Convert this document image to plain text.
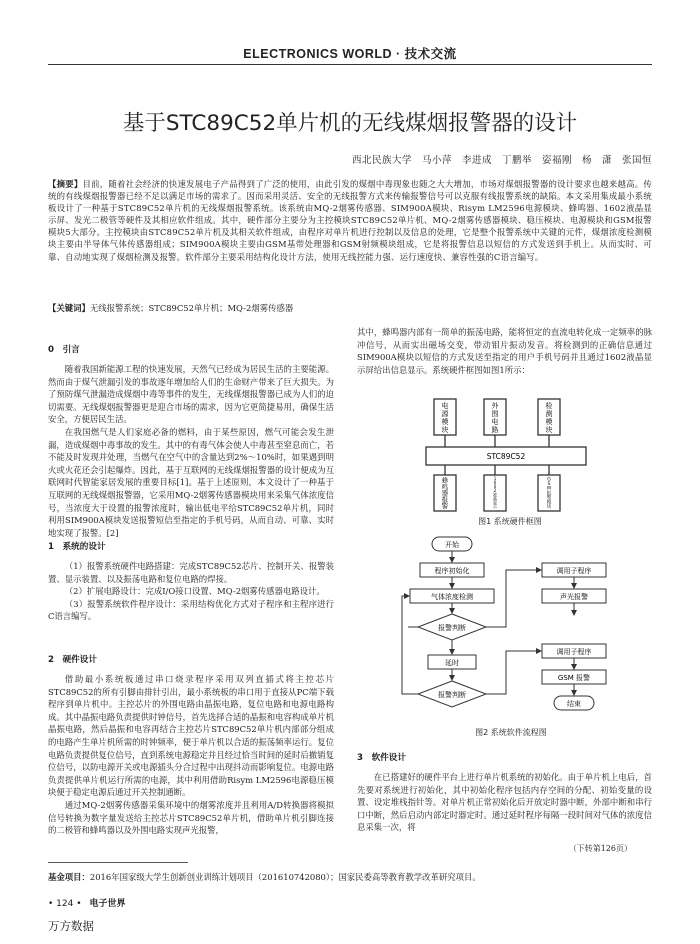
ELECTRONICS WORLD · 技术交流
基于STC89C52单片机的无线煤烟报警器的设计
西北民族大学　马小萍　李进成　丁鹏举　姿福刚　杨　潇　张国恒
【摘要】目前，随着社会经济的快速发展电子产品得到了广泛的使用，由此引发的煤烟中毒现象也随之大大增加，市场对煤烟报警器的设计要求也越来越高。传统的有线煤烟报警器已经不足以满足市场的需求了。因而采用灵活、安全的无线报警方式来传输报警信号可以克服有线报警系统的缺陷。本文采用集成最小系统板设计了一种基于STC89C52单片机的无线煤烟报警系统。该系统由MQ-2烟雾传感器、SIM900A模块、Risym LM2596电源模块、蜂鸣器、1602液晶显示屏、发光二极管等硬件及其相应软件组成。其中，硬件部分主要分为主控模块STC89C52单片机、MQ-2烟雾传感器模块、稳压模块、电源模块和GSM报警模块5大部分。主控模块由STC89C52单片机及其相关软件组成，由程序对单片机进行控制以及信息的处理，它是整个报警系统中关键的元件，煤烟浓度检测模块主要由半导体气体传感器组成；SIM900A模块主要由GSM基带处理器和GSM射频模块组成，它是将报警信息以短信的方式发送到手机上。从而实时、可靠、自动地实现了煤烟检测及报警。软件部分主要采用结构化设计方法，使用无线控能力强、运行速度快、兼容性强的C语言编写。
【关键词】无线报警系统；STC89C52单片机；MQ-2烟雾传感器
0　引言

随着我国新能源工程的快速发展，天然气已经成为居民生活的主要能源。然而由于煤气泄漏引发的事故逐年增加给人们的生命财产带来了巨大损失。为了预防煤气泄漏造成煤烟中毒等事件的发生，无线煤烟报警器已成为人们的迫切需要。无线煤烟报警器更是迎合市场的需求，因为它更简捷易用，确保生活安全，方便居民生活。

在我国燃气是人们家庭必备的燃料，由于某些原因，燃气可能会发生泄漏，造成煤烟中毒事故的发生。其中的有毒气体会使人中毒甚至窒息而亡，若不能及时发现并处理，当燃气在空气中的含量达到2%～10%时，如果遇到明火或火花还会引起爆炸。因此，基于互联网的无线煤烟报警器的设计便成为互联网时代智能家居发展的重要目标[1]。基于上述原则，本文设计了一种基于互联网的无线煤烟报警器，它采用MQ-2烟雾传感器模块用来采集气体浓度信号，当浓度大于设置的报警浓度时，输出低电平给STC89C52单片机，同时利用SIM900A模块发送报警短信至指定的手机号码，从而自动、可靠、实时地实现了报警。[2]

1　系统的设计

（1）报警系统硬件电路搭建：完成STC89C52芯片、控制开关、报警装置、显示装置、以及振荡电路和复位电路的焊接。

（2）扩展电路设计：完成I/O接口设置、MQ-2烟雾传感器电路设计。

（3）报警系统软件程序设计：采用结构优化方式对子程序和主程序进行C语言编写。

2　硬件设计

借助最小系统板通过串口烧录程序采用双列直插式将主控芯片STC89C52的所有引脚由排针引出，最小系统板的串口用于直接从PC端下载程序到单片机中。主控芯片的外围电路由晶振电路，复位电路和电源电路构成。其中晶振电路负责提供时钟信号，首先选择合适的晶振和电容构成单片机晶振电路，然后晶振和电容再结合主控芯片STC89C52单片机内部部分组成的电路产生单片机所需的时钟频率，便于单片机以合适的振荡频率运行。复位电路负责提供复位信号，直到系统电源稳定并且经过恰当时间的延时后撤销复位信号，以防电源开关或电源插头分合过程中出现抖动而影响复位。电源电路负责提供单片机运行所需的电源，其中利用借助Risym LM2596电源稳压模块便于稳定电源后通过开关控制通断。

通过MQ-2烟雾传感器采集环境中的烟雾浓度并且利用A/D转换器将模拟信号转换为数字量发送给主控芯片STC89C52单片机，借助单片机引脚连接的二极管和蜂鸣器以及外围电路实现声光报警，

其中，蜂鸣器内部有一简单的振荡电路，能将恒定的直流电转化成一定频率的脉冲信号，从而实出磁场交变，带动钼片振动发音。将检测到的正确信息通过SIM900A模块以短信的方式发送至指定的用户手机号码并且通过1602液晶显示屏给出信息显示。系统硬件框图如图1所示：

STC89C52
电源模块
外围电路
检测模块
蜂鸣器报警
1 6 0 2 液晶显示
G S M 报警模块
图1 系统硬件框图
开始
程序初始化
气体浓度检测
报警判断
延时
报警判断
调用子程序
声光报警
调用子程序
GSM 报警
结束
图2 系统软件流程图
3　软件设计

在已搭建好的硬件平台上进行单片机系统的初始化。由于单片机上电后，首先要对系统进行初始化，其中初始化程序包括内存空间的分配、初始变量的设置、设定堆栈指针等。对单片机正常初始化后开放定时器中断，外部中断和串行口中断，然后启动内部定时器定时。通过延时程序每隔一段时间对气体的浓度信息采集一次，将

（下转第126页）
基金项目：2016年国家级大学生创新创业训练计划项目（201610742080）；国家民委高等教育教学改革研究项目。
• 124 • 电子世界
万方数据
